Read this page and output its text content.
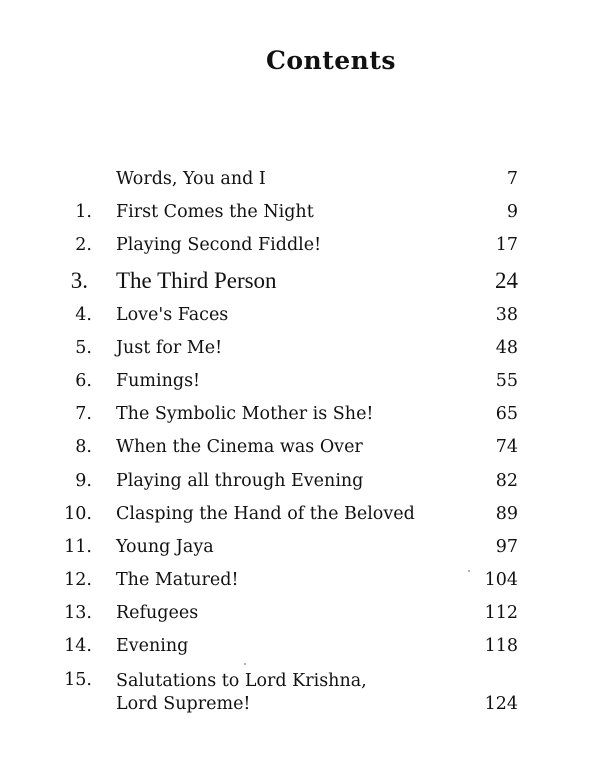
Contents
Words, You and I	7
1. First Comes the Night	9
2. Playing Second Fiddle!	17
3. The Third Person	24
4. Love's Faces	38
5. Just for Me!	48
6. Fumings!	55
7. The Symbolic Mother is She!	65
8. When the Cinema was Over	74
9. Playing all through Evening	82
10. Clasping the Hand of the Beloved	89
11. Young Jaya	97
12. The Matured!	104
13. Refugees	112
14. Evening	118
15. Salutations to Lord Krishna,
Lord Supreme!	124
